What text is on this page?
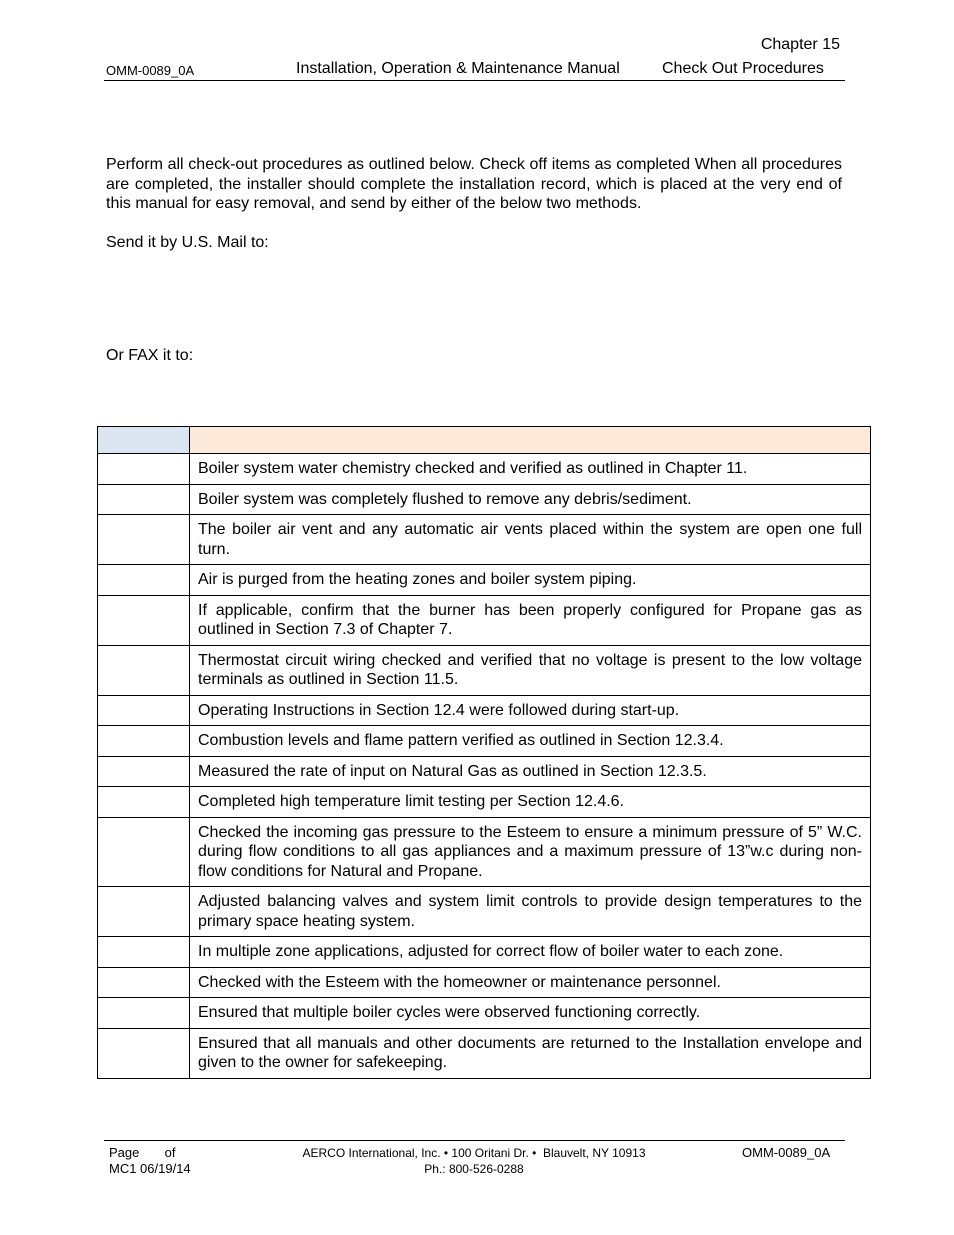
Chapter 15
OMM-0089_0A	Installation, Operation & Maintenance Manual	Check Out Procedures
Perform all check-out procedures as outlined below. Check off items as completed When all procedures are completed, the installer should complete the installation record, which is placed at the very end of this manual for easy removal, and send by either of the below two methods.
Send it by U.S. Mail to:
Or FAX it to:

	Boiler system water chemistry checked and verified as outlined in Chapter 11.
	Boiler system was completely flushed to remove any debris/sediment.
	The boiler air vent and any automatic air vents placed within the system are open one full turn.
	Air is purged from the heating zones and boiler system piping.
	If applicable, confirm that the burner has been properly configured for Propane gas as outlined in Section 7.3 of Chapter 7.
	Thermostat circuit wiring checked and verified that no voltage is present to the low voltage terminals as outlined in Section 11.5.
	Operating Instructions in Section 12.4 were followed during start-up.
	Combustion levels and flame pattern verified as outlined in Section 12.3.4.
	Measured the rate of input on Natural Gas as outlined in Section 12.3.5.
	Completed high temperature limit testing per Section 12.4.6.
	Checked the incoming gas pressure to the Esteem to ensure a minimum pressure of 5” W.C. during flow conditions to all gas appliances and a maximum pressure of 13”w.c during non-flow conditions for Natural and Propane.
	Adjusted balancing valves and system limit controls to provide design temperatures to the primary space heating system.
	In multiple zone applications, adjusted for correct flow of boiler water to each zone.
	Checked with the Esteem with the homeowner or maintenance personnel.
	Ensured that multiple boiler cycles were observed functioning correctly.
	Ensured that all manuals and other documents are returned to the Installation envelope and given to the owner for safekeeping.
Page       of
MC1 06/19/14
AERCO International, Inc. • 100 Oritani Dr. •  Blauvelt, NY 10913
Ph.: 800-526-0288
OMM-0089_0A
